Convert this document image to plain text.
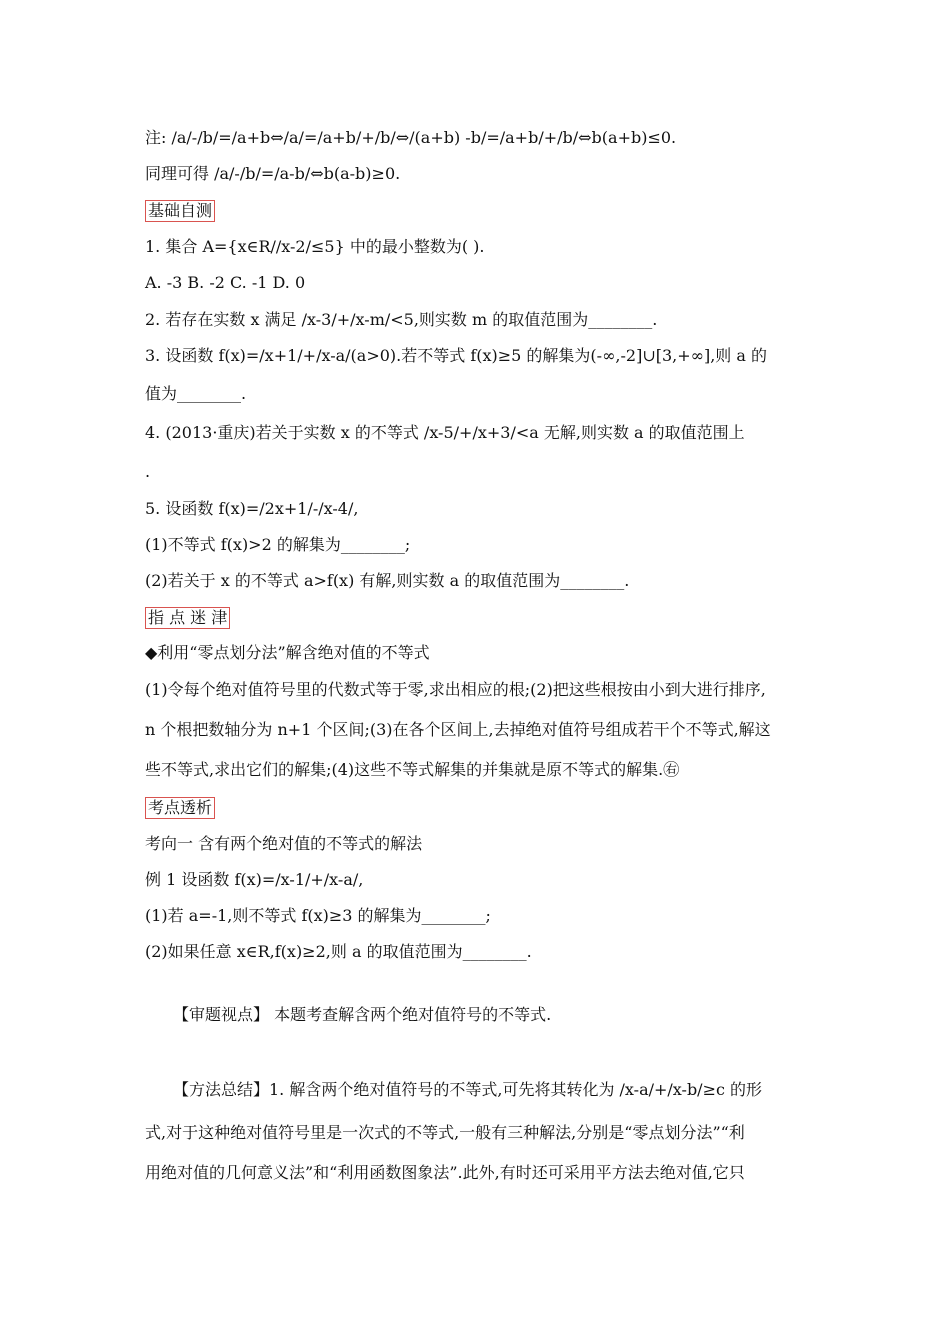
注: /a/-/b/=/a+b⇔/a/=/a+b/+/b/⇔/(a+b) -b/=/a+b/+/b/⇔b(a+b)≤0.
同理可得 /a/-/b/=/a-b/⇔b(a-b)≥0.
基础自测
1. 集合 A={x∈R//x-2/≤5} 中的最小整数为( ).
A. -3 B. -2 C. -1 D. 0
2. 若存在实数 x 满足 /x-3/+/x-m/<5,则实数 m 的取值范围为________.
3. 设函数 f(x)=/x+1/+/x-a/(a>0).若不等式 f(x)≥5 的解集为(-∞,-2]∪[3,+∞],则 a 的
值为________.
4. (2013·重庆)若关于实数 x 的不等式 /x-5/+/x+3/<a 无解,则实数 a 的取值范围上
.
5. 设函数 f(x)=/2x+1/-/x-4/,
(1)不等式 f(x)>2 的解集为________;
(2)若关于 x 的不等式 a>f(x) 有解,则实数 a 的取值范围为________.
指 点 迷 津
◆利用“零点划分法”解含绝对值的不等式
(1)令每个绝对值符号里的代数式等于零,求出相应的根;(2)把这些根按由小到大进行排序,
n 个根把数轴分为 n+1 个区间;(3)在各个区间上,去掉绝对值符号组成若干个不等式,解这
些不等式,求出它们的解集;(4)这些不等式解集的并集就是原不等式的解集.㊨
考点透析
考向一 含有两个绝对值的不等式的解法
例 1 设函数 f(x)=/x-1/+/x-a/,
(1)若 a=-1,则不等式 f(x)≥3 的解集为________;
(2)如果任意 x∈R,f(x)≥2,则 a 的取值范围为________.
【审题视点】 本题考查解含两个绝对值符号的不等式.
【方法总结】1. 解含两个绝对值符号的不等式,可先将其转化为 /x-a/+/x-b/≥c 的形
式,对于这种绝对值符号里是一次式的不等式,一般有三种解法,分别是“零点划分法”“利
用绝对值的几何意义法”和“利用函数图象法”.此外,有时还可采用平方法去绝对值,它只
